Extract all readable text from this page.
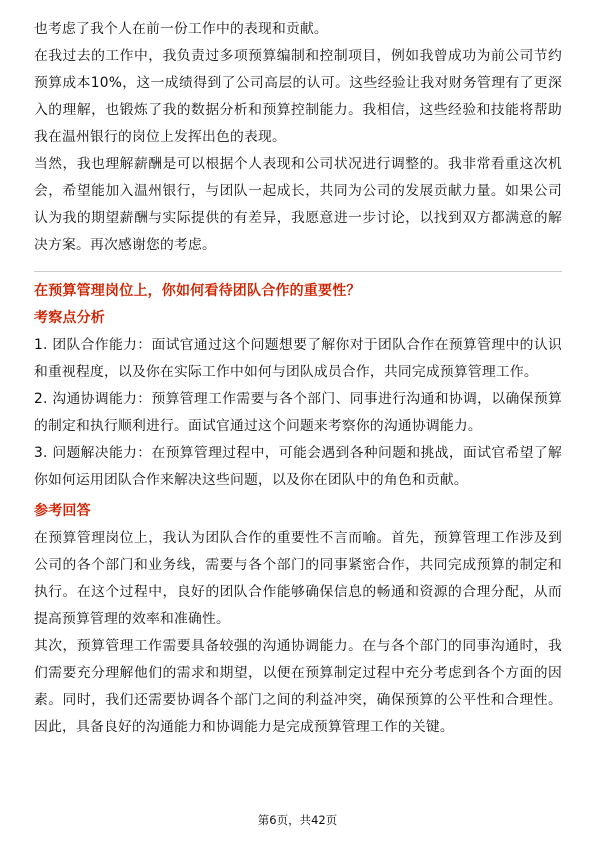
也考虑了我个人在前一份工作中的表现和贡献。

在我过去的工作中，我负责过多项预算编制和控制项目，例如我曾成功为前公司节约预算成本10%，这一成绩得到了公司高层的认可。这些经验让我对财务管理有了更深入的理解，也锻炼了我的数据分析和预算控制能力。我相信，这些经验和技能将帮助我在温州银行的岗位上发挥出色的表现。

当然，我也理解薪酬是可以根据个人表现和公司状况进行调整的。我非常看重这次机会，希望能加入温州银行，与团队一起成长，共同为公司的发展贡献力量。如果公司认为我的期望薪酬与实际提供的有差异，我愿意进一步讨论，以找到双方都满意的解决方案。再次感谢您的考虑。

在预算管理岗位上，你如何看待团队合作的重要性？

考察点分析

1. 团队合作能力：面试官通过这个问题想要了解你对于团队合作在预算管理中的认识和重视程度，以及你在实际工作中如何与团队成员合作，共同完成预算管理工作。

2. 沟通协调能力：预算管理工作需要与各个部门、同事进行沟通和协调，以确保预算的制定和执行顺利进行。面试官通过这个问题来考察你的沟通协调能力。

3. 问题解决能力：在预算管理过程中，可能会遇到各种问题和挑战，面试官希望了解你如何运用团队合作来解决这些问题，以及你在团队中的角色和贡献。

参考回答

在预算管理岗位上，我认为团队合作的重要性不言而喻。首先，预算管理工作涉及到公司的各个部门和业务线，需要与各个部门的同事紧密合作，共同完成预算的制定和执行。在这个过程中，良好的团队合作能够确保信息的畅通和资源的合理分配，从而提高预算管理的效率和准确性。

其次，预算管理工作需要具备较强的沟通协调能力。在与各个部门的同事沟通时，我们需要充分理解他们的需求和期望，以便在预算制定过程中充分考虑到各个方面的因素。同时，我们还需要协调各个部门之间的利益冲突，确保预算的公平性和合理性。因此，具备良好的沟通能力和协调能力是完成预算管理工作的关键。

第6页，共42页
